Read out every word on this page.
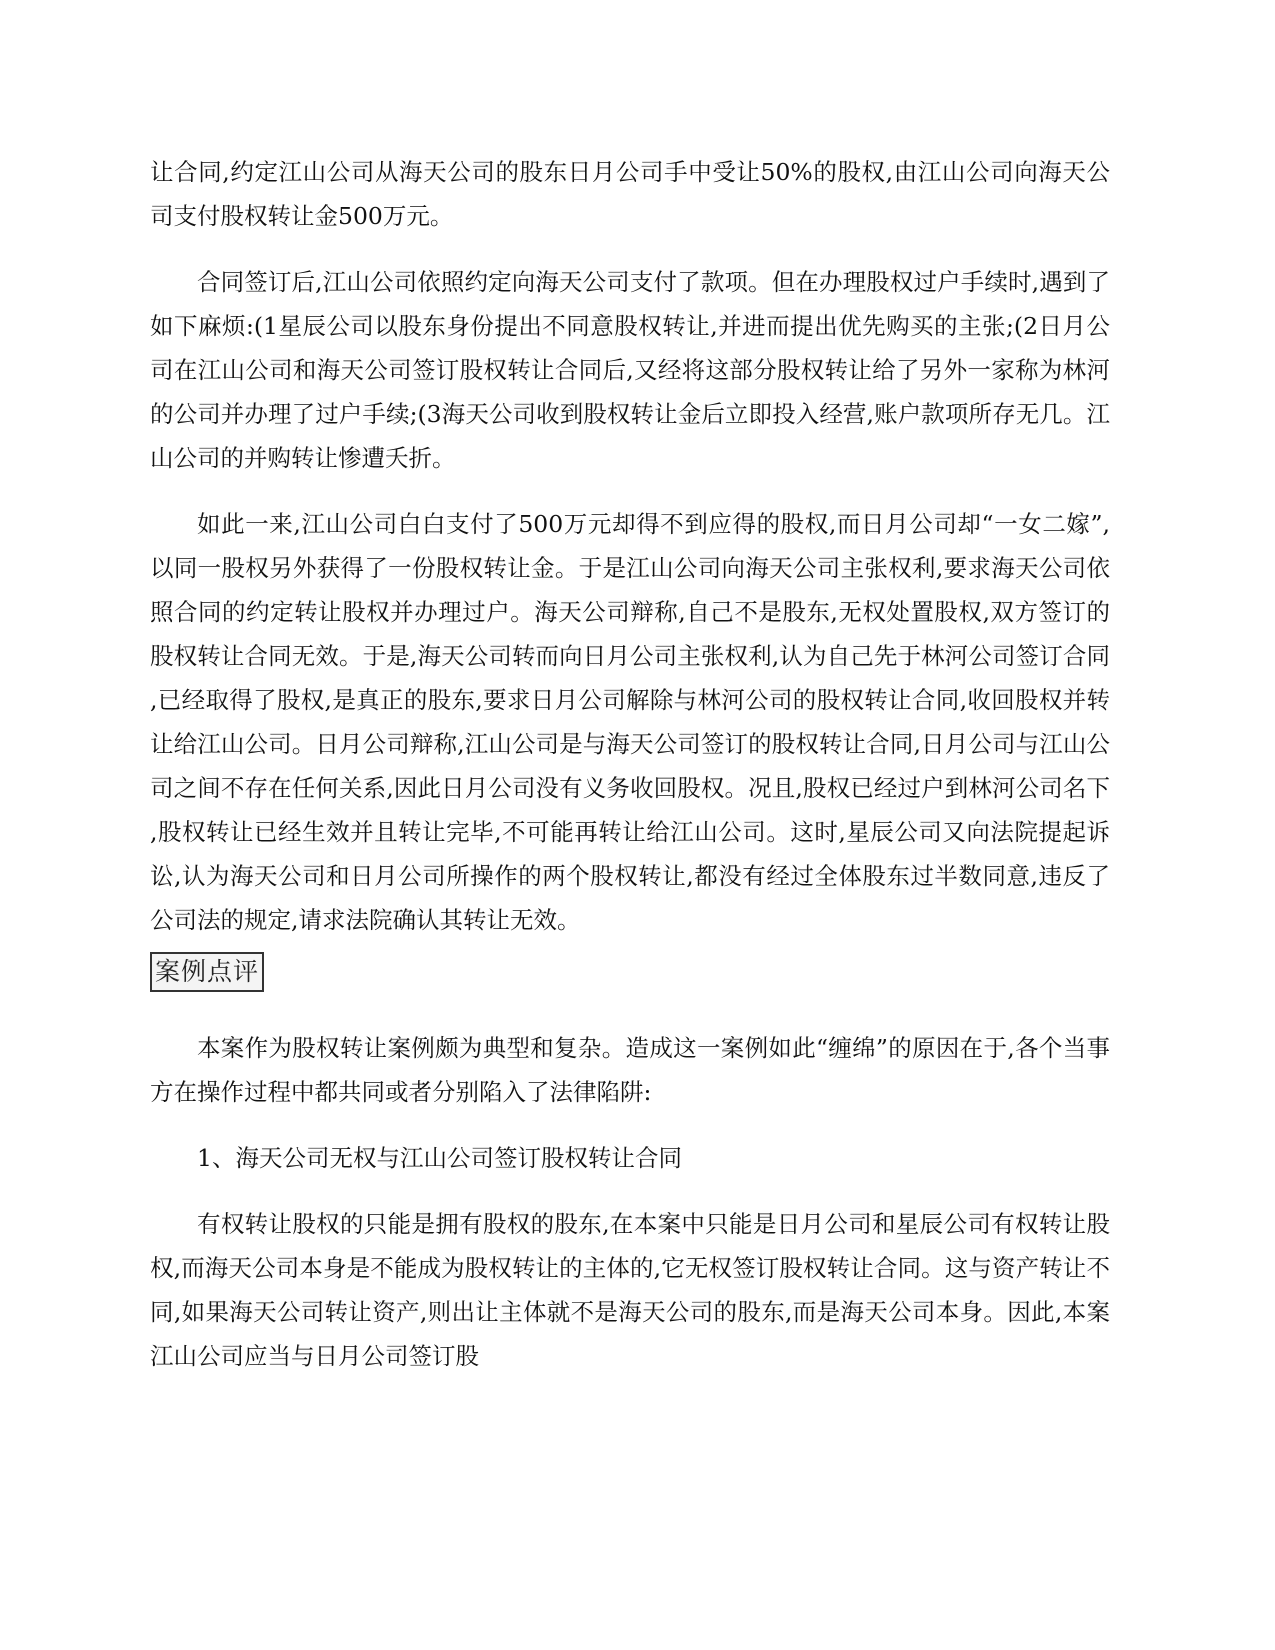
让合同,约定江山公司从海天公司的股东日月公司手中受让50%的股权,由江山公司向海天公司支付股权转让金500万元。

合同签订后,江山公司依照约定向海天公司支付了款项。但在办理股权过户手续时,遇到了如下麻烦:(1星辰公司以股东身份提出不同意股权转让,并进而提出优先购买的主张;(2日月公司在江山公司和海天公司签订股权转让合同后,又经将这部分股权转让给了另外一家称为林河的公司并办理了过户手续;(3海天公司收到股权转让金后立即投入经营,账户款项所存无几。江山公司的并购转让惨遭夭折。

如此一来,江山公司白白支付了500万元却得不到应得的股权,而日月公司却“一女二嫁”,以同一股权另外获得了一份股权转让金。于是江山公司向海天公司主张权利,要求海天公司依照合同的约定转让股权并办理过户。海天公司辩称,自己不是股东,无权处置股权,双方签订的股权转让合同无效。于是,海天公司转而向日月公司主张权利,认为自己先于林河公司签订合同,已经取得了股权,是真正的股东,要求日月公司解除与林河公司的股权转让合同,收回股权并转让给江山公司。日月公司辩称,江山公司是与海天公司签订的股权转让合同,日月公司与江山公司之间不存在任何关系,因此日月公司没有义务收回股权。况且,股权已经过户到林河公司名下,股权转让已经生效并且转让完毕,不可能再转让给江山公司。这时,星辰公司又向法院提起诉讼,认为海天公司和日月公司所操作的两个股权转让,都没有经过全体股东过半数同意,违反了公司法的规定,请求法院确认其转让无效。

案例点评

本案作为股权转让案例颇为典型和复杂。造成这一案例如此“缠绵”的原因在于,各个当事方在操作过程中都共同或者分别陷入了法律陷阱:

1、海天公司无权与江山公司签订股权转让合同

有权转让股权的只能是拥有股权的股东,在本案中只能是日月公司和星辰公司有权转让股权,而海天公司本身是不能成为股权转让的主体的,它无权签订股权转让合同。这与资产转让不同,如果海天公司转让资产,则出让主体就不是海天公司的股东,而是海天公司本身。因此,本案江山公司应当与日月公司签订股
